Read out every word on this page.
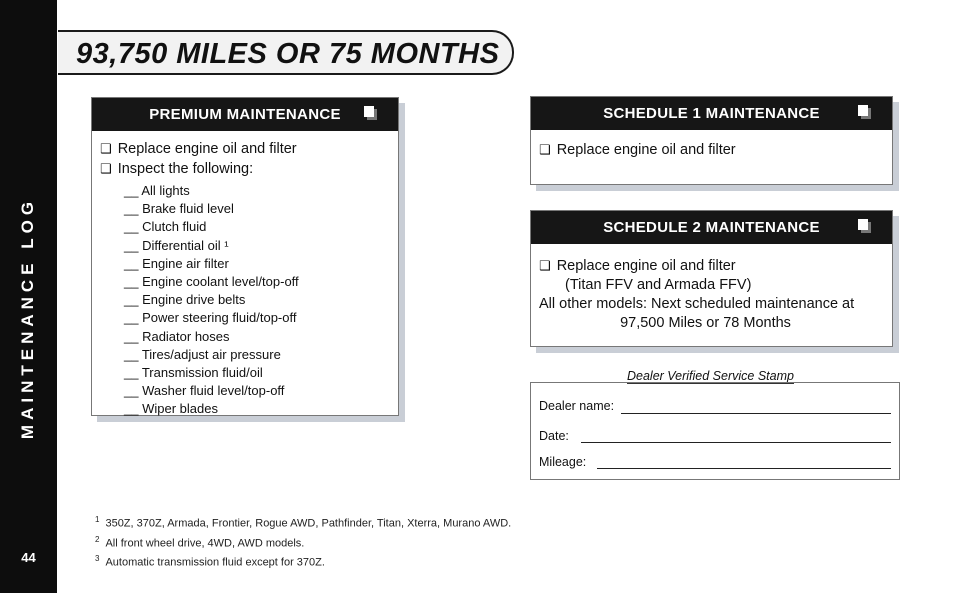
MAINTENANCE LOG
44
93,750 MILES OR 75 MONTHS
PREMIUM MAINTENANCE
❑ Replace engine oil and filter
❑ Inspect the following:
__ All lights
__ Brake fluid level
__ Clutch fluid
__ Differential oil ¹
__ Engine air filter
__ Engine coolant level/top-off
__ Engine drive belts
__ Power steering fluid/top-off
__ Radiator hoses
__ Tires/adjust air pressure
__ Transmission fluid/oil
__ Washer fluid level/top-off
__ Wiper blades
SCHEDULE 1 MAINTENANCE
❑ Replace engine oil and filter
SCHEDULE 2 MAINTENANCE
❑ Replace engine oil and filter
(Titan FFV and Armada FFV)
All other models: Next scheduled maintenance at
97,500 Miles or 78 Months
Dealer Verified Service Stamp
Dealer name:
Date:
Mileage:
$^1$ 350Z, 370Z, Armada, Frontier, Rogue AWD, Pathfinder, Titan, Xterra, Murano AWD.
$^2$ All front wheel drive, 4WD, AWD models.
$^3$ Automatic transmission fluid except for 370Z.
